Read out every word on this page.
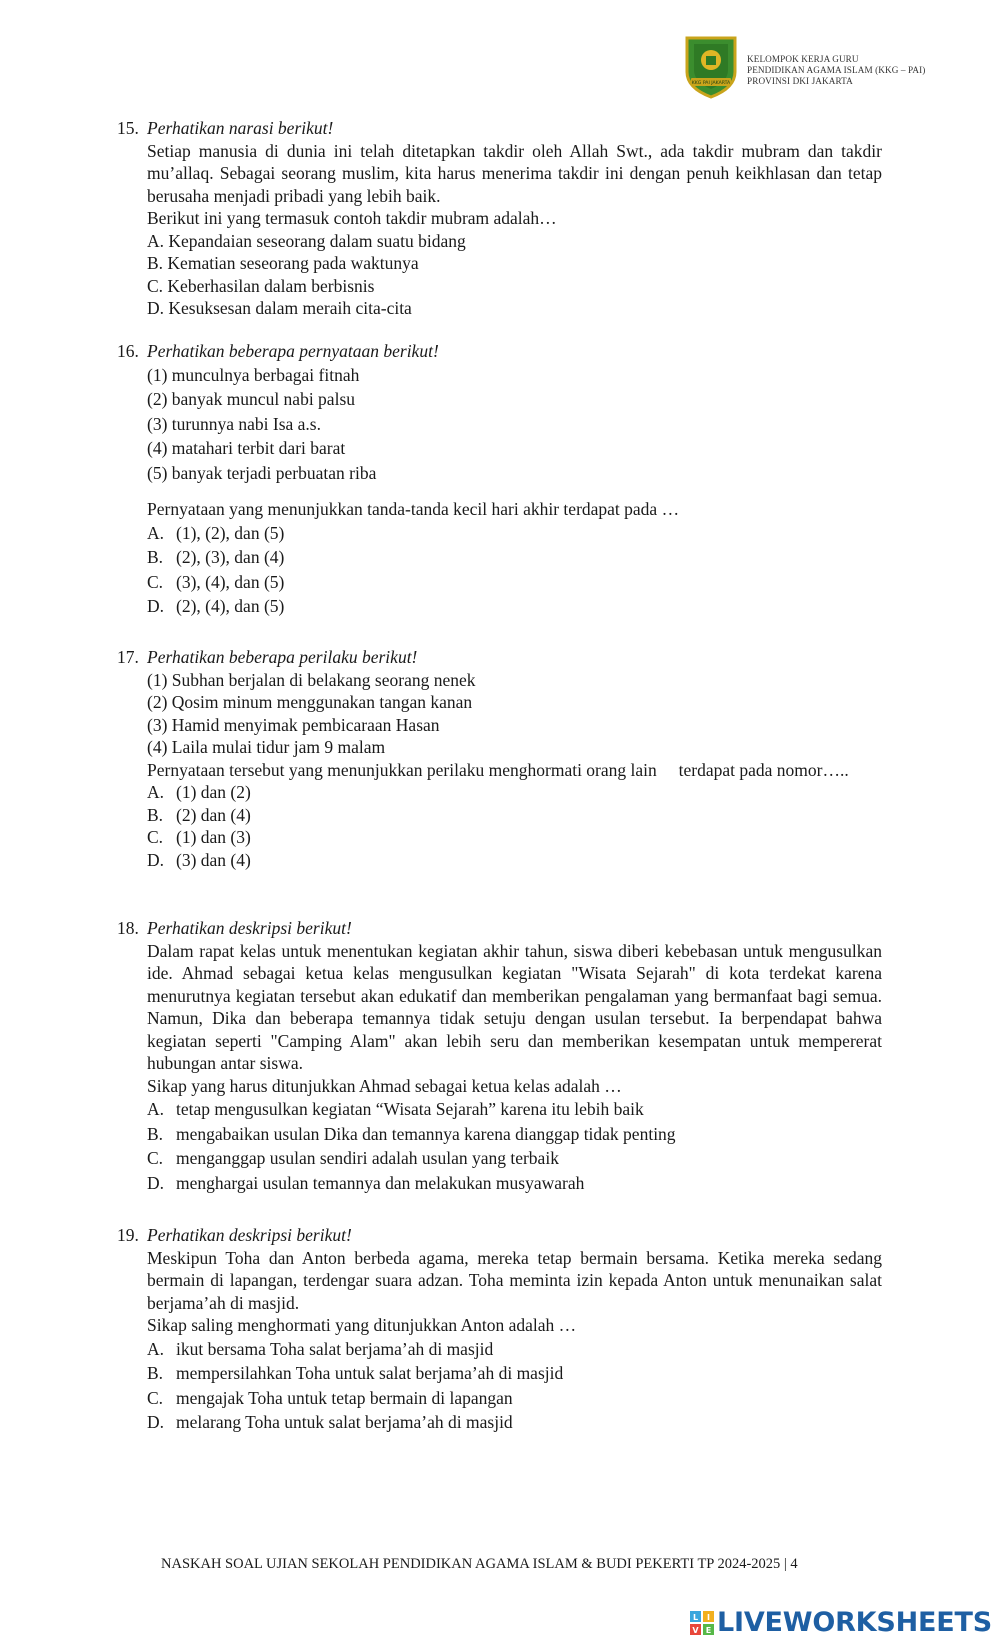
KKG PAI JAKARTA
KELOMPOK KERJA GURU
PENDIDIKAN AGAMA ISLAM (KKG – PAI)
PROVINSI DKI JAKARTA
15. Perhatikan narasi berikut!
Setiap manusia di dunia ini telah ditetapkan takdir oleh Allah Swt., ada takdir mubram dan takdir mu’allaq. Sebagai seorang muslim, kita harus menerima takdir ini dengan penuh keikhlasan dan tetap berusaha menjadi pribadi yang lebih baik.
Berikut ini yang termasuk contoh takdir mubram adalah…
A. Kepandaian seseorang dalam suatu bidang
B. Kematian seseorang pada waktunya
C. Keberhasilan dalam berbisnis
D. Kesuksesan dalam meraih cita-cita
16. Perhatikan beberapa pernyataan berikut!
(1) munculnya berbagai fitnah
(2) banyak muncul nabi palsu
(3) turunnya nabi Isa a.s.
(4) matahari terbit dari barat
(5) banyak terjadi perbuatan riba
Pernyataan yang menunjukkan tanda-tanda kecil hari akhir terdapat pada …
A. (1), (2), dan (5)
B. (2), (3), dan (4)
C. (3), (4), dan (5)
D. (2), (4), dan (5)
17. Perhatikan beberapa perilaku berikut!
(1) Subhan berjalan di belakang seorang nenek
(2) Qosim minum menggunakan tangan kanan
(3) Hamid menyimak pembicaraan Hasan
(4) Laila mulai tidur jam 9 malam
Pernyataan tersebut yang menunjukkan perilaku menghormati orang lain     terdapat pada nomor…..
A. (1) dan (2)
B. (2) dan (4)
C. (1) dan (3)
D. (3) dan (4)
18. Perhatikan deskripsi berikut!
Dalam rapat kelas untuk menentukan kegiatan akhir tahun, siswa diberi kebebasan untuk mengusulkan ide. Ahmad sebagai ketua kelas mengusulkan kegiatan "Wisata Sejarah" di kota terdekat karena menurutnya kegiatan tersebut akan edukatif dan memberikan pengalaman yang bermanfaat bagi semua. Namun, Dika dan beberapa temannya tidak setuju dengan usulan tersebut. Ia berpendapat bahwa kegiatan seperti "Camping Alam" akan lebih seru dan memberikan kesempatan untuk mempererat hubungan antar siswa.
Sikap yang harus ditunjukkan Ahmad sebagai ketua kelas adalah …
A. tetap mengusulkan kegiatan “Wisata Sejarah” karena itu lebih baik
B. mengabaikan usulan Dika dan temannya karena dianggap tidak penting
C. menganggap usulan sendiri adalah usulan yang terbaik
D. menghargai usulan temannya dan melakukan musyawarah
19. Perhatikan deskripsi berikut!
Meskipun Toha dan Anton berbeda agama, mereka tetap bermain bersama. Ketika mereka sedang bermain di lapangan, terdengar suara adzan. Toha meminta izin kepada Anton untuk menunaikan salat berjama’ah di masjid.
Sikap saling menghormati yang ditunjukkan Anton adalah …
A. ikut bersama Toha salat berjama’ah di masjid
B. mempersilahkan Toha untuk salat berjama’ah di masjid
C. mengajak Toha untuk tetap bermain di lapangan
D. melarang Toha untuk salat berjama’ah di masjid
NASKAH SOAL UJIAN SEKOLAH PENDIDIKAN AGAMA ISLAM & BUDI PEKERTI TP 2024-2025 | 4
L I
V E LIVEWORKSHEETS
